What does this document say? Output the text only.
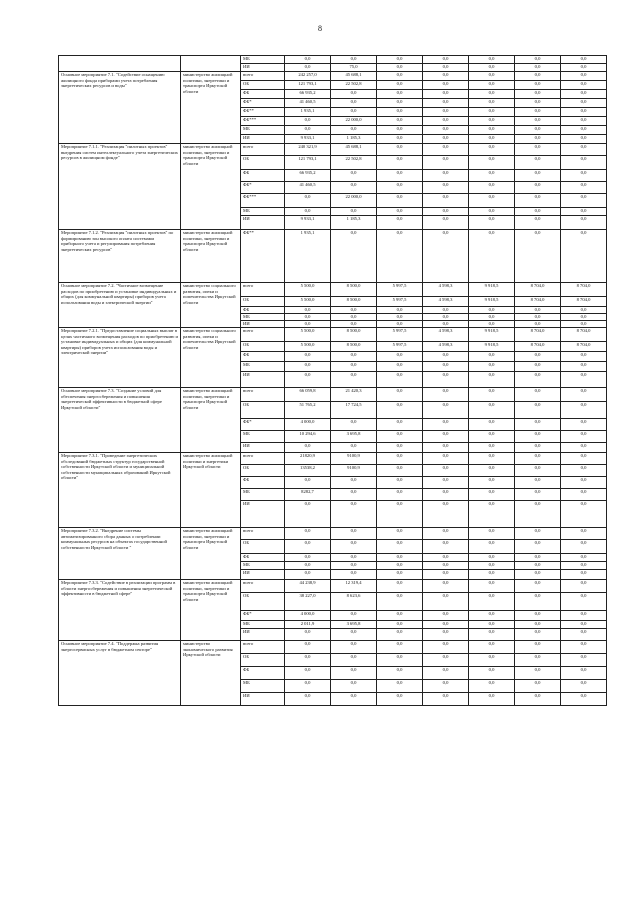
8
		МБ	0,0	0,0	0,0	0,0	0,0	0,0	0,0
		ИИ	0,0	75,0	0,0	0,0	0,0	0,0	0,0
Основное мероприятие 7.1. "Содействие оснащению жилищного фонда приборами учета потребления энергетических ресурсов и воды"	министерство жилищной политики, энергетики и транспорта Иркутской области	всего	242 257,0	45 688,1	0,0	0,0	0,0	0,0	0,0
		ОБ	121 793,1	22 502,8	0,0	0,0	0,0	0,0	0,0
		ФБ	66 935,2	0,0	0,0	0,0	0,0	0,0	0,0
		ФБ*	41 460,5	0,0	0,0	0,0	0,0	0,0	0,0
		ФБ**	1 935,1	0,0	0,0	0,0	0,0	0,0	0,0
		ФБ***	0,0	22 000,0	0,0	0,0	0,0	0,0	0,0
		МБ	0,0	0,0	0,0	0,0	0,0	0,0	0,0
		ИИ	9 933,1	1 185,3	0,0	0,0	0,0	0,0	0,0
Мероприятие 7.1.1. "Реализация "пилотных проектов" внедрения систем интеллектуального учета энергетических ресурсов в жилищном фонде"	министерство жилищной политики, энергетики и транспорта Иркутской области	всего	240 321,9	45 688,1	0,0	0,0	0,0	0,0	0,0
		ОБ	121 793,1	22 502,8	0,0	0,0	0,0	0,0	0,0
		ФБ	66 935,2	0,0	0,0	0,0	0,0	0,0	0,0
		ФБ*	41 460,5	0,0	0,0	0,0	0,0	0,0	0,0
		ФБ***	0,0	22 000,0	0,0	0,0	0,0	0,0	0,0
		МБ	0,0	0,0	0,0	0,0	0,0	0,0	0,0
		ИИ	9 933,1	1 185,3	0,0	0,0	0,0	0,0	0,0
Мероприятие 7.1.2. "Реализация "пилотных проектов" по формированию зон высокого оплата системами приборного учета и регулирования потребления энергетических ресурсов"	министерство жилищной политики, энергетики и транспорта Иркутской области	ФБ**	1 935,1	0,0	0,0	0,0	0,0	0,0	0,0
Основное мероприятие 7.2. "Частичное возмещение расходов по приобретению и установке индивидуальных и общих (для коммунальной квартиры) приборов учета использования воды и электрической энергии"	министерство социального развития, опеки и попечительства Иркутской области	всего	5 500,0	8 500,0	5 997,5	4 598,3	9 918,5	8 704,0	8 704,0
		ОБ	5 500,0	8 500,0	5 997,5	4 598,3	9 918,5	8 704,0	8 704,0
		ФБ	0,0	0,0	0,0	0,0	0,0	0,0	0,0
		МБ	0,0	0,0	0,0	0,0	0,0	0,0	0,0
		ИИ	0,0	0,0	0,0	0,0	0,0	0,0	0,0
Мероприятие 7.2.1. "Предоставление социальных выплат в целях частичного возмещения расходов по приобретению и установке индивидуальных и общих (для коммунальной квартиры) приборов учета использования воды и электрической энергии"	министерство социального развития, опеки и попечительства Иркутской области	всего	5 500,0	8 500,0	5 997,5	4 598,3	9 918,5	8 704,0	8 704,0
		ОБ	5 500,0	8 500,0	5 997,5	4 598,3	9 918,5	8 704,0	8 704,0
		ФБ	0,0	0,0	0,0	0,0	0,0	0,0	0,0
		МБ	0,0	0,0	0,0	0,0	0,0	0,0	0,0
		ИИ	0,0	0,0	0,0	0,0	0,0	0,0	0,0
Основное мероприятие 7.3. "Создание условий для обеспечения энергосбережения и повышения энергетической эффективности в бюджетной сфере Иркутской области"	министерство жилищной политики, энергетики и транспорта Иркутской области	всего	66 059,8	21 420,3	0,0	0,0	0,0	0,0	0,0
		ОБ	51 765,2	17 724,5	0,0	0,0	0,0	0,0	0,0
		ФБ*	4 000,0	0,0	0,0	0,0	0,0	0,0	0,0
		МБ	10 294,6	3 695,8	0,0	0,0	0,0	0,0	0,0
		ИИ	0,0	0,0	0,0	0,0	0,0	0,0	0,0
Мероприятие 7.3.1. "Проведение энергетических обследований бюджетных структур государственной собственности Иркутской области и муниципальной собственности муниципальных образований Иркутской области"	министерство жилищной политики и энергетики Иркутской области	всего	21820,9	9100,9	0,0	0,0	0,0	0,0	0,0
		ОБ	13538,2	9100,9	0,0	0,0	0,0	0,0	0,0
		ФБ	0,0	0,0	0,0	0,0	0,0	0,0	0,0
		МБ	8282,7	0,0	0,0	0,0	0,0	0,0	0,0
		ИИ	0,0	0,0	0,0	0,0	0,0	0,0	0,0
Мероприятие 7.3.2. "Внедрение системы автоматизированного сбора данных о потреблении коммунальных ресурсов на объектах государственной собственности Иркутской области "	министерство жилищной политики, энергетики и транспорта Иркутской области	всего	0,0	0,0	0,0	0,0	0,0	0,0	0,0
		ОБ	0,0	0,0	0,0	0,0	0,0	0,0	0,0
		ФБ	0,0	0,0	0,0	0,0	0,0	0,0	0,0
		МБ	0,0	0,0	0,0	0,0	0,0	0,0	0,0
		ИИ	0,0	0,0	0,0	0,0	0,0	0,0	0,0
Мероприятие 7.3.3. "Содействие в реализации программ в области энергосбережения и повышения энергетической эффективности в бюджетной сфере"	министерство жилищной политики, энергетики и транспорта Иркутской области	всего	44 238,9	12 319,4	0,0	0,0	0,0	0,0	0,0
		ОБ	38 227,0	8 623,6	0,0	0,0	0,0	0,0	0,0
		ФБ*	4 000,0	0,0	0,0	0,0	0,0	0,0	0,0
		МБ	2 011,9	3 695,8	0,0	0,0	0,0	0,0	0,0
		ИИ	0,0	0,0	0,0	0,0	0,0	0,0	0,0
Основное мероприятие 7.4. "Поддержка развития энергосервисных услуг в бюджетном секторе"	министерство экономического развития Иркутской области	всего	0,0	0,0	0,0	0,0	0,0	0,0	0,0
		ОБ	0,0	0,0	0,0	0,0	0,0	0,0	0,0
		ФБ	0,0	0,0	0,0	0,0	0,0	0,0	0,0
		МБ	0,0	0,0	0,0	0,0	0,0	0,0	0,0
		ИИ	0,0	0,0	0,0	0,0	0,0	0,0	0,0
